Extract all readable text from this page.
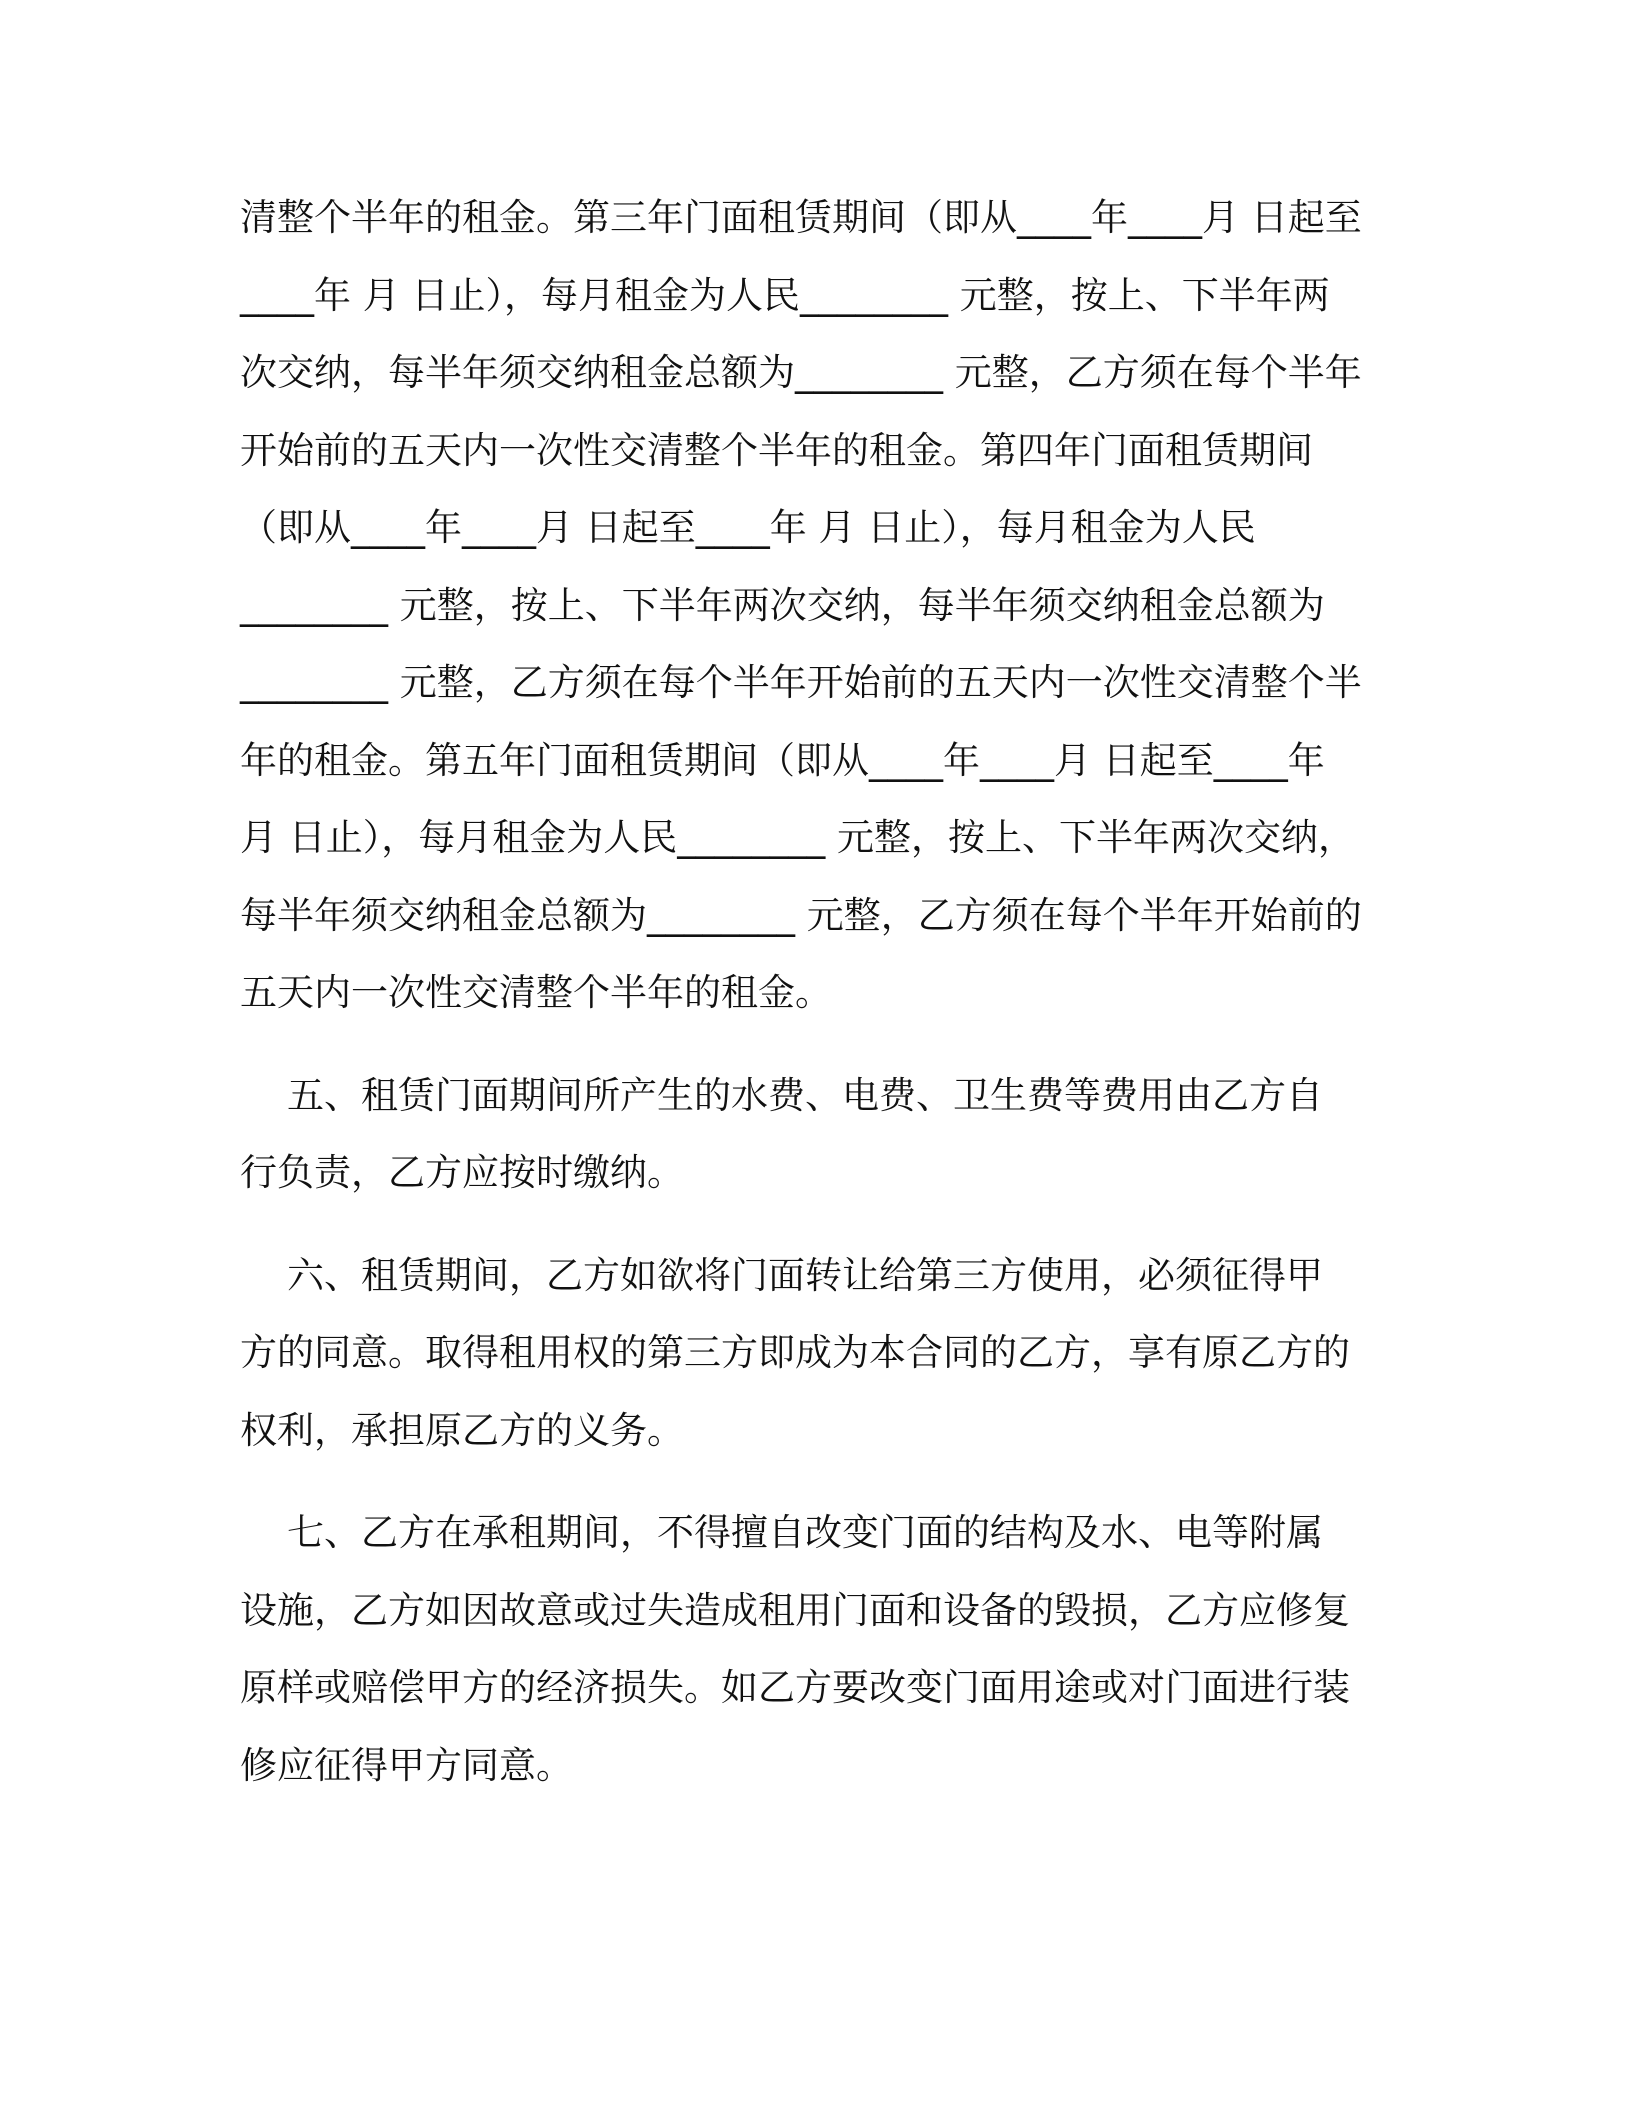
清整个半年的租金。第三年门面租赁期间（即从____年____月 日起至
____年 月 日止），每月租金为人民________ 元整，按上、下半年两
次交纳，每半年须交纳租金总额为________ 元整，乙方须在每个半年
开始前的五天内一次性交清整个半年的租金。第四年门面租赁期间
（即从____年____月 日起至____年 月 日止），每月租金为人民
________ 元整，按上、下半年两次交纳，每半年须交纳租金总额为
________ 元整，乙方须在每个半年开始前的五天内一次性交清整个半
年的租金。第五年门面租赁期间（即从____年____月 日起至____年
月 日止），每月租金为人民________ 元整，按上、下半年两次交纳，
每半年须交纳租金总额为________ 元整，乙方须在每个半年开始前的
五天内一次性交清整个半年的租金。
五、租赁门面期间所产生的水费、电费、卫生费等费用由乙方自
行负责，乙方应按时缴纳。
六、租赁期间，乙方如欲将门面转让给第三方使用，必须征得甲
方的同意。取得租用权的第三方即成为本合同的乙方，享有原乙方的
权利，承担原乙方的义务。
七、乙方在承租期间，不得擅自改变门面的结构及水、电等附属
设施，乙方如因故意或过失造成租用门面和设备的毁损，乙方应修复
原样或赔偿甲方的经济损失。如乙方要改变门面用途或对门面进行装
修应征得甲方同意。
